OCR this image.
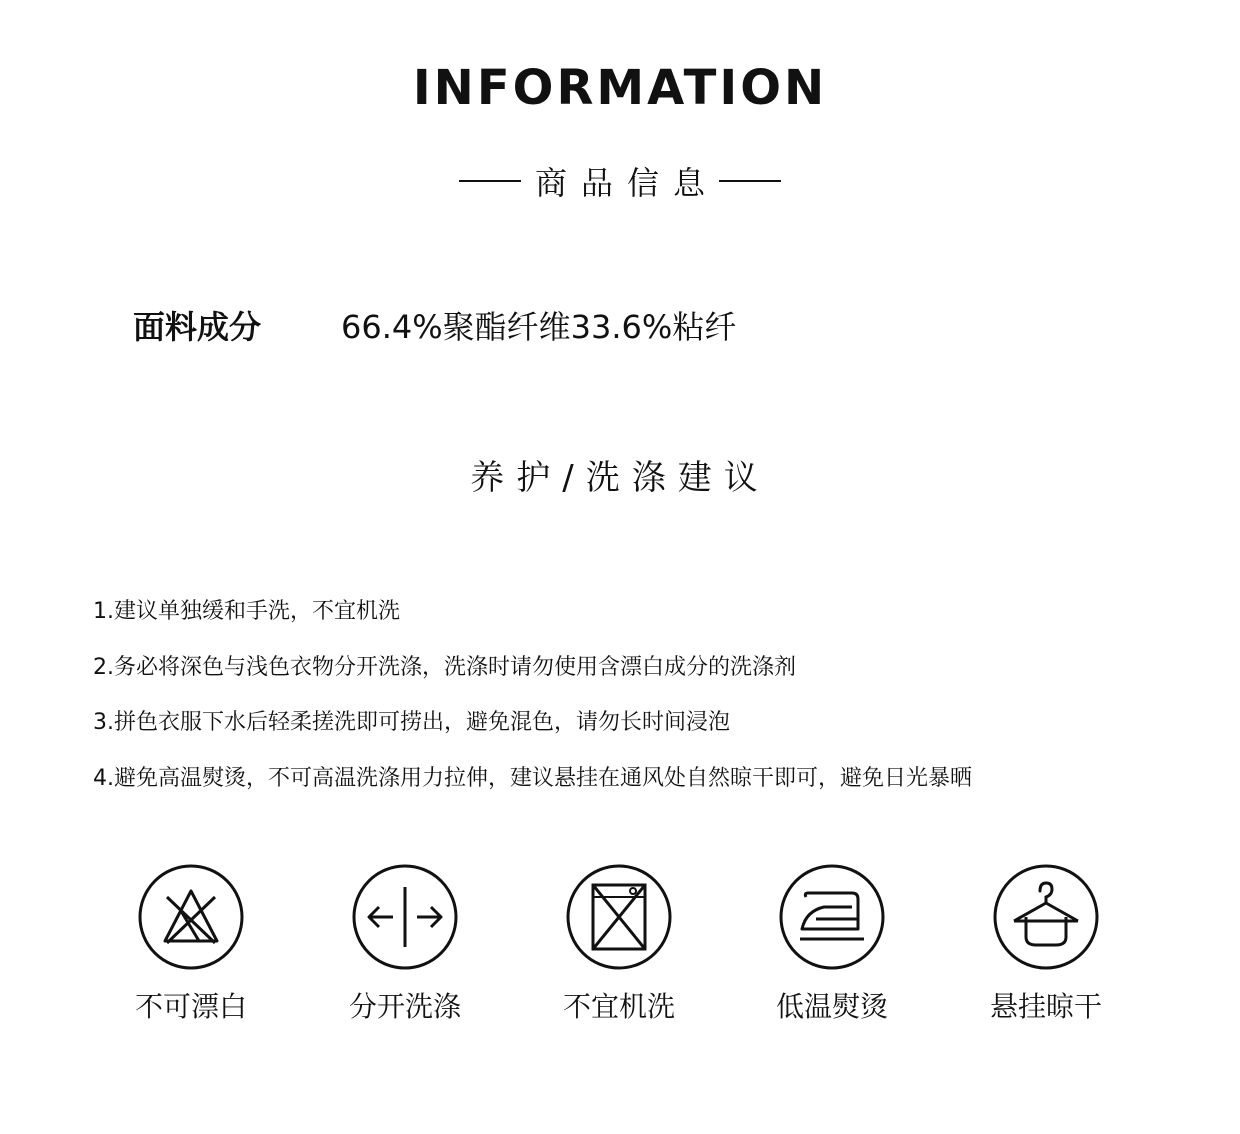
INFORMATION
商品信息
面料成分	66.4%聚酯纤维33.6%粘纤
养护/洗涤建议
1.建议单独缓和手洗，不宜机洗
2.务必将深色与浅色衣物分开洗涤，洗涤时请勿使用含漂白成分的洗涤剂
3.拼色衣服下水后轻柔搓洗即可捞出，避免混色，请勿长时间浸泡
4.避免高温熨烫，不可高温洗涤用力拉伸，建议悬挂在通风处自然晾干即可，避免日光暴晒
不可漂白	分开洗涤	不宜机洗	低温熨烫	悬挂晾干
